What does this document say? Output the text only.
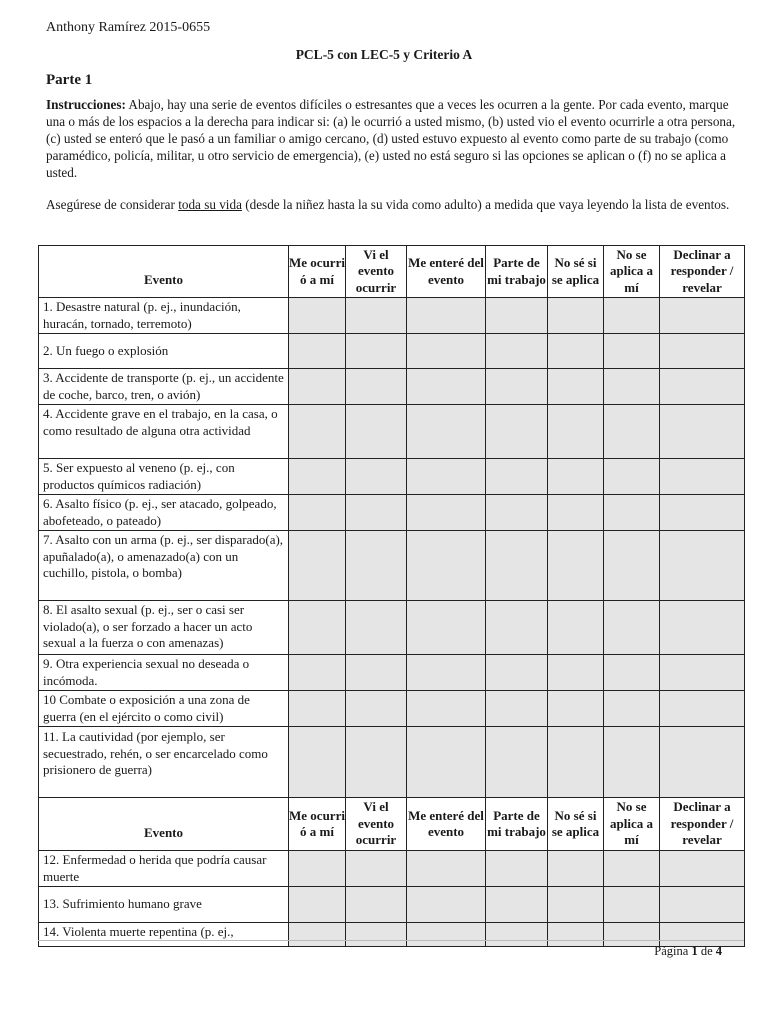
Anthony Ramírez 2015-0655
PCL-5 con LEC-5 y Criterio A
Parte 1
Instrucciones: Abajo, hay una serie de eventos difíciles o estresantes que a veces les ocurren a la gente. Por cada evento, marque una o más de los espacios a la derecha para indicar si: (a) le ocurrió a usted mismo, (b) usted vio el evento ocurrirle a otra persona, (c) usted se enteró que le pasó a un familiar o amigo cercano, (d) usted estuvo expuesto al evento como parte de su trabajo (como paramédico, policía, militar, u otro servicio de emergencia), (e) usted no está seguro si las opciones se aplican o (f) no se aplica a usted.
Asegúrese de considerar toda su vida (desde la niñez hasta la su vida como adulto) a medida que vaya leyendo la lista de eventos.
Evento	Me ocurri ó a mí	Vi el evento ocurrir	Me enteré del evento	Parte de mi trabajo	No sé si se aplica	No se aplica a mí	Declinar a responder / revelar
1. Desastre natural (p. ej., inundación, huracán, tornado, terremoto)							
2. Un fuego o explosión							
3. Accidente de transporte (p. ej., un accidente de coche, barco, tren, o avión)							
4. Accidente grave en el trabajo, en la casa, o como resultado de alguna otra actividad							
5. Ser expuesto al veneno (p. ej., con productos químicos radiación)							
6. Asalto físico (p. ej., ser atacado, golpeado, abofeteado, o pateado)							
7. Asalto con un arma (p. ej., ser disparado(a), apuñalado(a), o amenazado(a) con un cuchillo, pistola, o bomba)							
8. El asalto sexual (p. ej., ser o casi ser violado(a), o ser forzado a hacer un acto sexual a la fuerza o con amenazas)							
9. Otra experiencia sexual no deseada o incómoda.							
10 Combate o exposición a una zona de guerra (en el ejército o como civil)							
11. La cautividad (por ejemplo, ser secuestrado, rehén, o ser encarcelado como prisionero de guerra)							
Evento	Me ocurri ó a mí	Vi el evento ocurrir	Me enteré del evento	Parte de mi trabajo	No sé si se aplica	No se aplica a mí	Declinar a responder / revelar
12. Enfermedad o herida que podría causar muerte							
13. Sufrimiento humano grave							
14. Violenta muerte repentina (p. ej.,							
Página 1 de 4
